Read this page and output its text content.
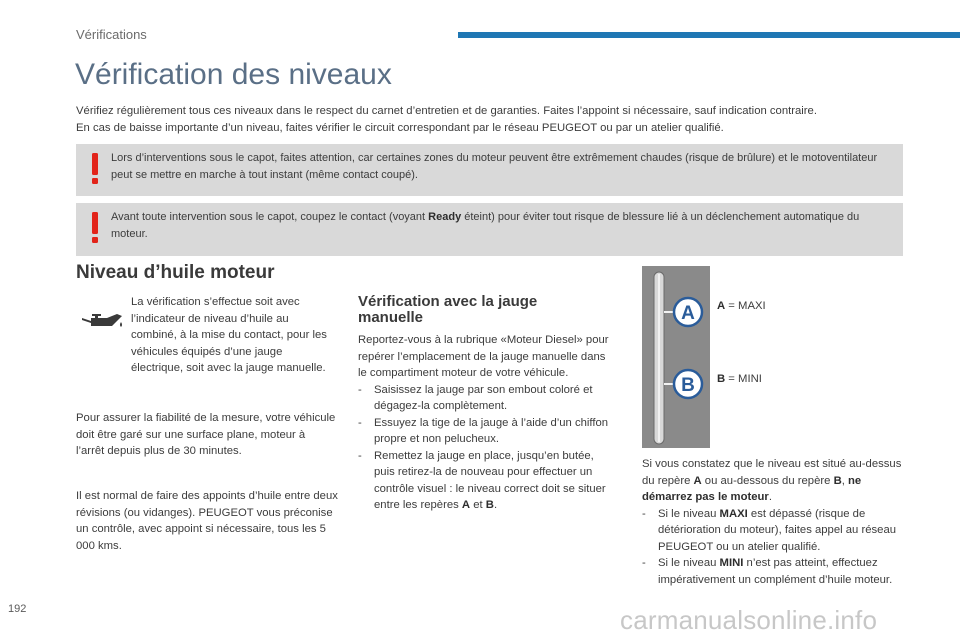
Vérifications
Vérification des niveaux

Vérifiez régulièrement tous ces niveaux dans le respect du carnet d’entretien et de garanties. Faites l’appoint si nécessaire, sauf indication contraire.

En cas de baisse importante d’un niveau, faites vérifier le circuit correspondant par le réseau PEUGEOT ou par un atelier qualifié.

Lors d’interventions sous le capot, faites attention, car certaines zones du moteur peuvent être extrêmement chaudes (risque de brûlure) et le motoventilateur peut se mettre en marche à tout instant (même contact coupé).
Avant toute intervention sous le capot, coupez le contact (voyant Ready éteint) pour éviter tout risque de blessure lié à un déclenchement automatique du moteur.
Niveau d’huile moteur
La vérification s’effectue soit avec l’indicateur de niveau d’huile au combiné, à la mise du contact, pour les véhicules équipés d’une jauge électrique, soit avec la jauge manuelle.
Pour assurer la fiabilité de la mesure, votre véhicule doit être garé sur une surface plane, moteur à l’arrêt depuis plus de 30 minutes.
Il est normal de faire des appoints d’huile entre deux révisions (ou vidanges). PEUGEOT vous préconise un contrôle, avec appoint si nécessaire, tous les 5 000 kms.
Vérification avec la jauge manuelle
Reportez-vous à la rubrique «Moteur Diesel» pour repérer l’emplacement de la jauge manuelle dans le compartiment moteur de votre véhicule.
- Saisissez la jauge par son embout coloré et dégagez-la complètement.
- Essuyez la tige de la jauge à l’aide d’un chiffon propre et non pelucheux.
- Remettez la jauge en place, jusqu’en butée, puis retirez-la de nouveau pour effectuer un contrôle visuel : le niveau correct doit se situer entre les repères A et B.
A
B
A = MAXI
B = MINI
Si vous constatez que le niveau est situé au-dessus du repère A ou au-dessous du repère B, ne démarrez pas le moteur.
- Si le niveau MAXI est dépassé (risque de détérioration du moteur), faites appel au réseau PEUGEOT ou un atelier qualifié.
- Si le niveau MINI n’est pas atteint, effectuez impérativement un complément d’huile moteur.
192	carmanualsonline.info
